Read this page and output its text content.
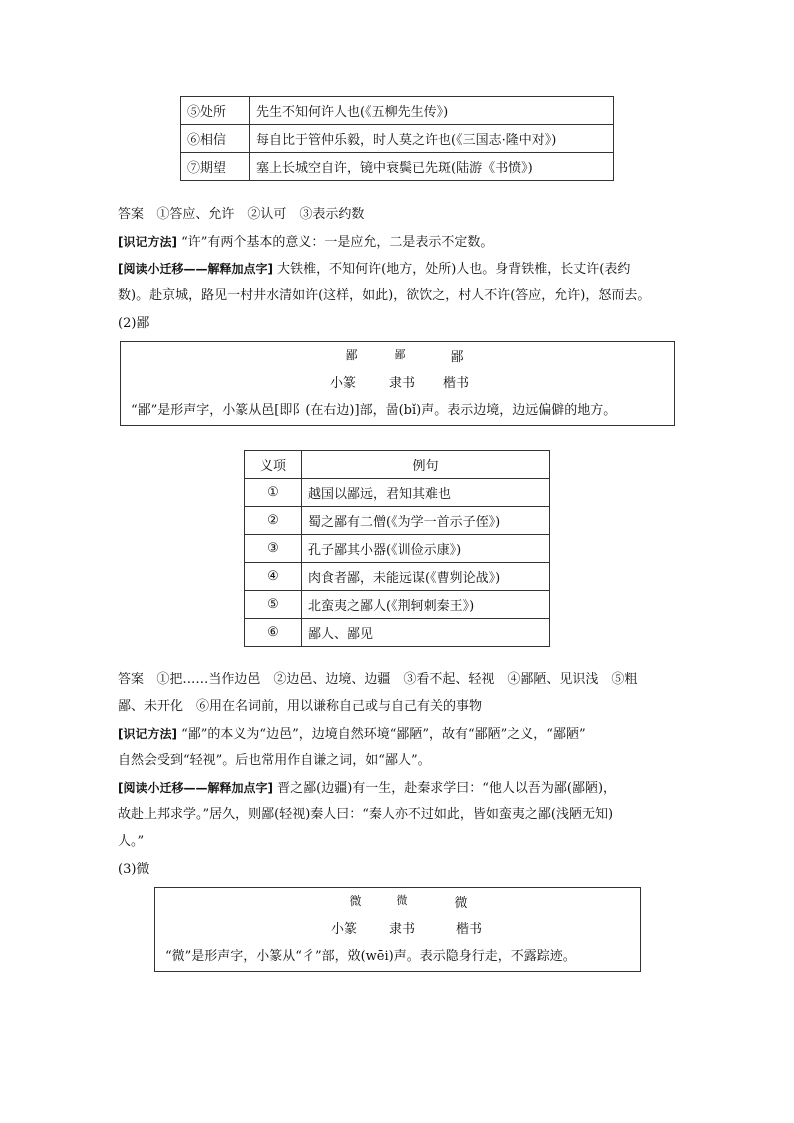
⑤处所	先生不知何许人也(《五柳先生传》)
⑥相信	每自比于管仲乐毅，时人莫之许也(《三国志·隆中对》)
⑦期望	塞上长城空自许，镜中衰鬓已先斑(陆游《书愤》)
答案 ①答应、允许　②认可　③表示约数
[识记方法] “许”有两个基本的意义：一是应允，二是表示不定数。
[阅读小迁移——解释加点字] 大铁椎，不知何许(地方，处所)人也。身背铁椎，长丈许(表约
数)。赴京城，路见一村井水清如许(这样，如此)，欲饮之，村人不许(答应，允许)，怒而去。
(2)鄙
鄙	鄙	鄙
小篆	隶书 楷书
“鄙”是形声字，小篆从邑[即阝(在右边)]部，啚(bǐ)声。表示边境，边远偏僻的地方。
义项	例句
①	越国以鄙远，君知其难也
②	蜀之鄙有二僧(《为学一首示子侄》)
③	孔子鄙其小器(《训俭示康》)
④	肉食者鄙，未能远谋(《曹刿论战》)
⑤	北蛮夷之鄙人(《荆轲刺秦王》)
⑥	鄙人、鄙见
答案 ①把……当作边邑　②边邑、边境、边疆　③看不起、轻视　④鄙陋、见识浅　⑤粗
鄙、未开化　⑥用在名词前，用以谦称自己或与自己有关的事物
[识记方法] “鄙”的本义为“边邑”，边境自然环境“鄙陋”，故有“鄙陋”之义，“鄙陋”
自然会受到“轻视”。后也常用作自谦之词，如“鄙人”。
[阅读小迁移——解释加点字] 晋之鄙(边疆)有一生，赴秦求学曰：“他人以吾为鄙(鄙陋)，
故赴上邦求学。”居久，则鄙(轻视)秦人曰：“秦人亦不过如此，皆如蛮夷之鄙(浅陋无知)
人。”
(3)微
微	微	微
小篆 隶书	楷书
“微”是形声字，小篆从“彳”部，敚(wēi)声。表示隐身行走，不露踪迹。
